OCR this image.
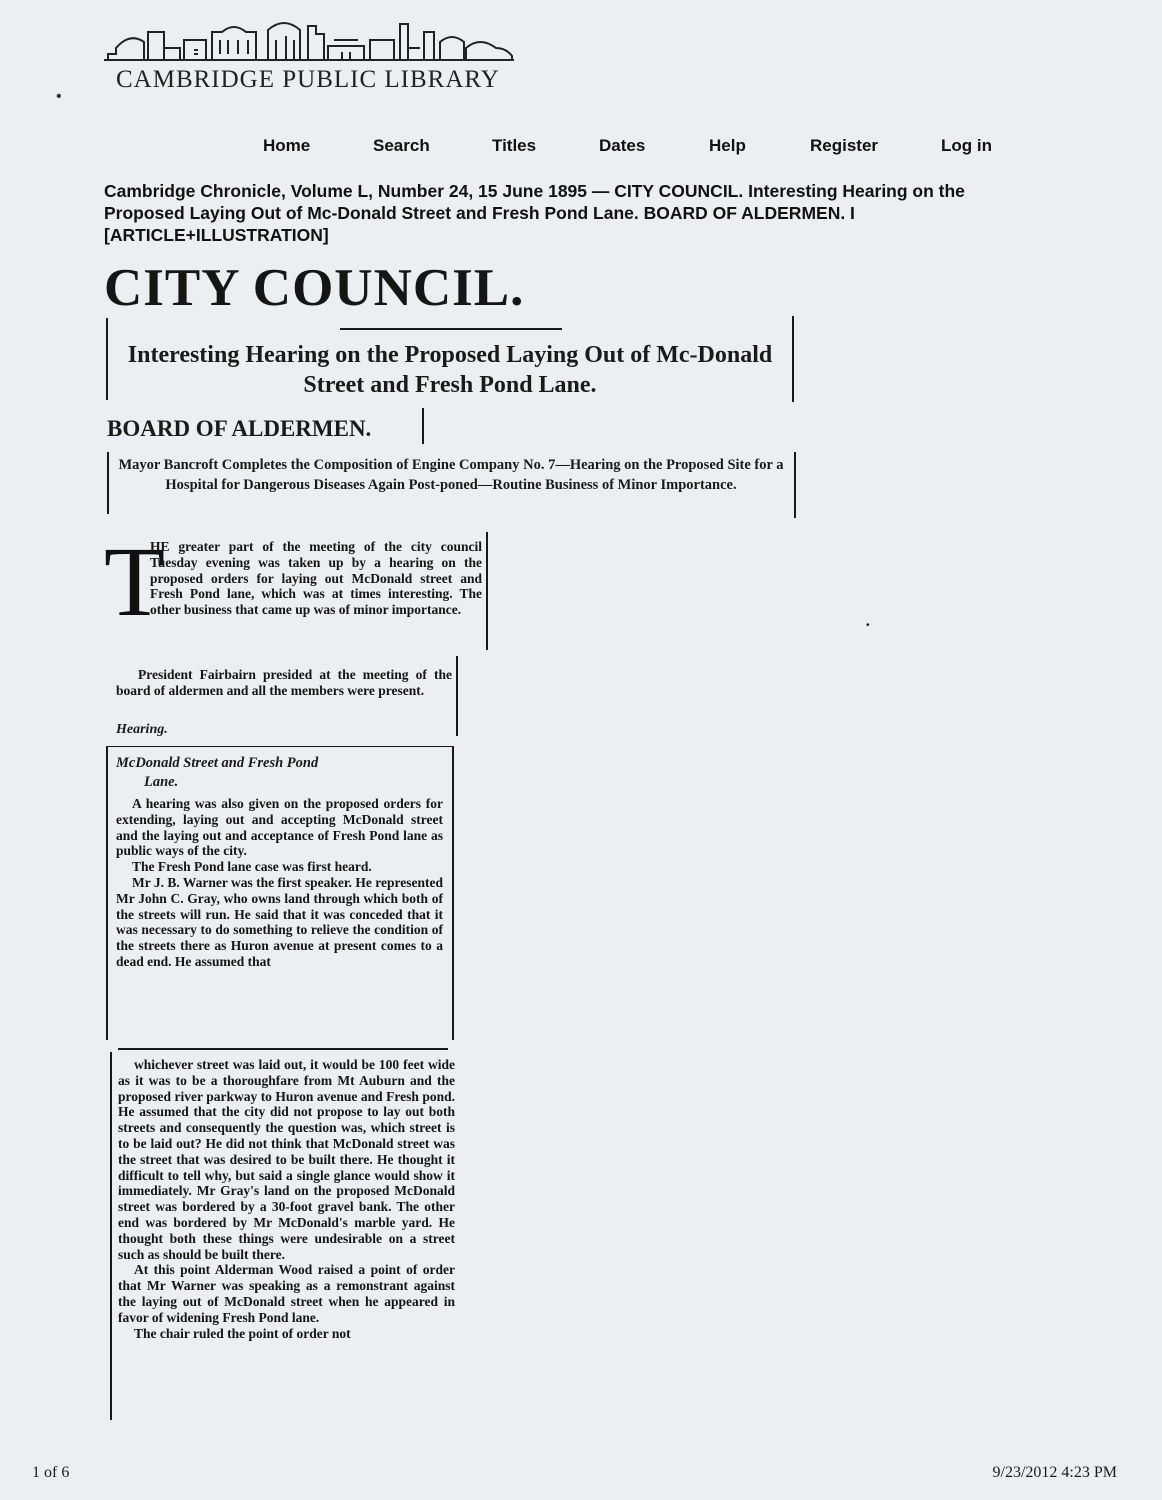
CAMBRIDGE PUBLIC LIBRARY
•
Home	Search	Titles	Dates	Help	Register	Log in
Cambridge Chronicle, Volume L, Number 24, 15 June 1895 — CITY COUNCIL. Interesting Hearing on the Proposed Laying Out of Mc-Donald Street and Fresh Pond Lane. BOARD OF ALDERMEN. I [ARTICLE+ILLUSTRATION]
CITY COUNCIL.
Interesting Hearing on the Proposed Laying Out of Mc-Donald Street and Fresh Pond Lane.
BOARD OF ALDERMEN.
Mayor Bancroft Completes the Composition of Engine Company No. 7—Hearing on the Proposed Site for a Hospital for Dangerous Diseases Again Post-poned—Routine Business of Minor Importance.
T

HE greater part of the meeting of the city council Tuesday evening was taken up by a hearing on the proposed orders for laying out McDonald street and Fresh Pond lane, which was at times interesting. The other business that came up was of minor importance.

President Fairbairn presided at the meeting of the board of aldermen and all the members were present.

Hearing.
McDonald Street and Fresh Pond
Lane.
A hearing was also given on the proposed orders for extending, laying out and accepting McDonald street and the laying out and acceptance of Fresh Pond lane as public ways of the city.
The Fresh Pond lane case was first heard.
Mr J. B. Warner was the first speaker. He represented Mr John C. Gray, who owns land through which both of the streets will run. He said that it was conceded that it was necessary to do something to relieve the condition of the streets there as Huron avenue at present comes to a dead end. He assumed that
whichever street was laid out, it would be 100 feet wide as it was to be a thoroughfare from Mt Auburn and the proposed river parkway to Huron avenue and Fresh pond. He assumed that the city did not propose to lay out both streets and consequently the question was, which street is to be laid out? He did not think that McDonald street was the street that was desired to be built there. He thought it difficult to tell why, but said a single glance would show it immediately. Mr Gray's land on the proposed McDonald street was bordered by a 30-foot gravel bank. The other end was bordered by Mr McDonald's marble yard. He thought both these things were undesirable on a street such as should be built there.
At this point Alderman Wood raised a point of order that Mr Warner was speaking as a remonstrant against the laying out of McDonald street when he appeared in favor of widening Fresh Pond lane.
The chair ruled the point of order not
•
1 of 6	9/23/2012 4:23 PM
